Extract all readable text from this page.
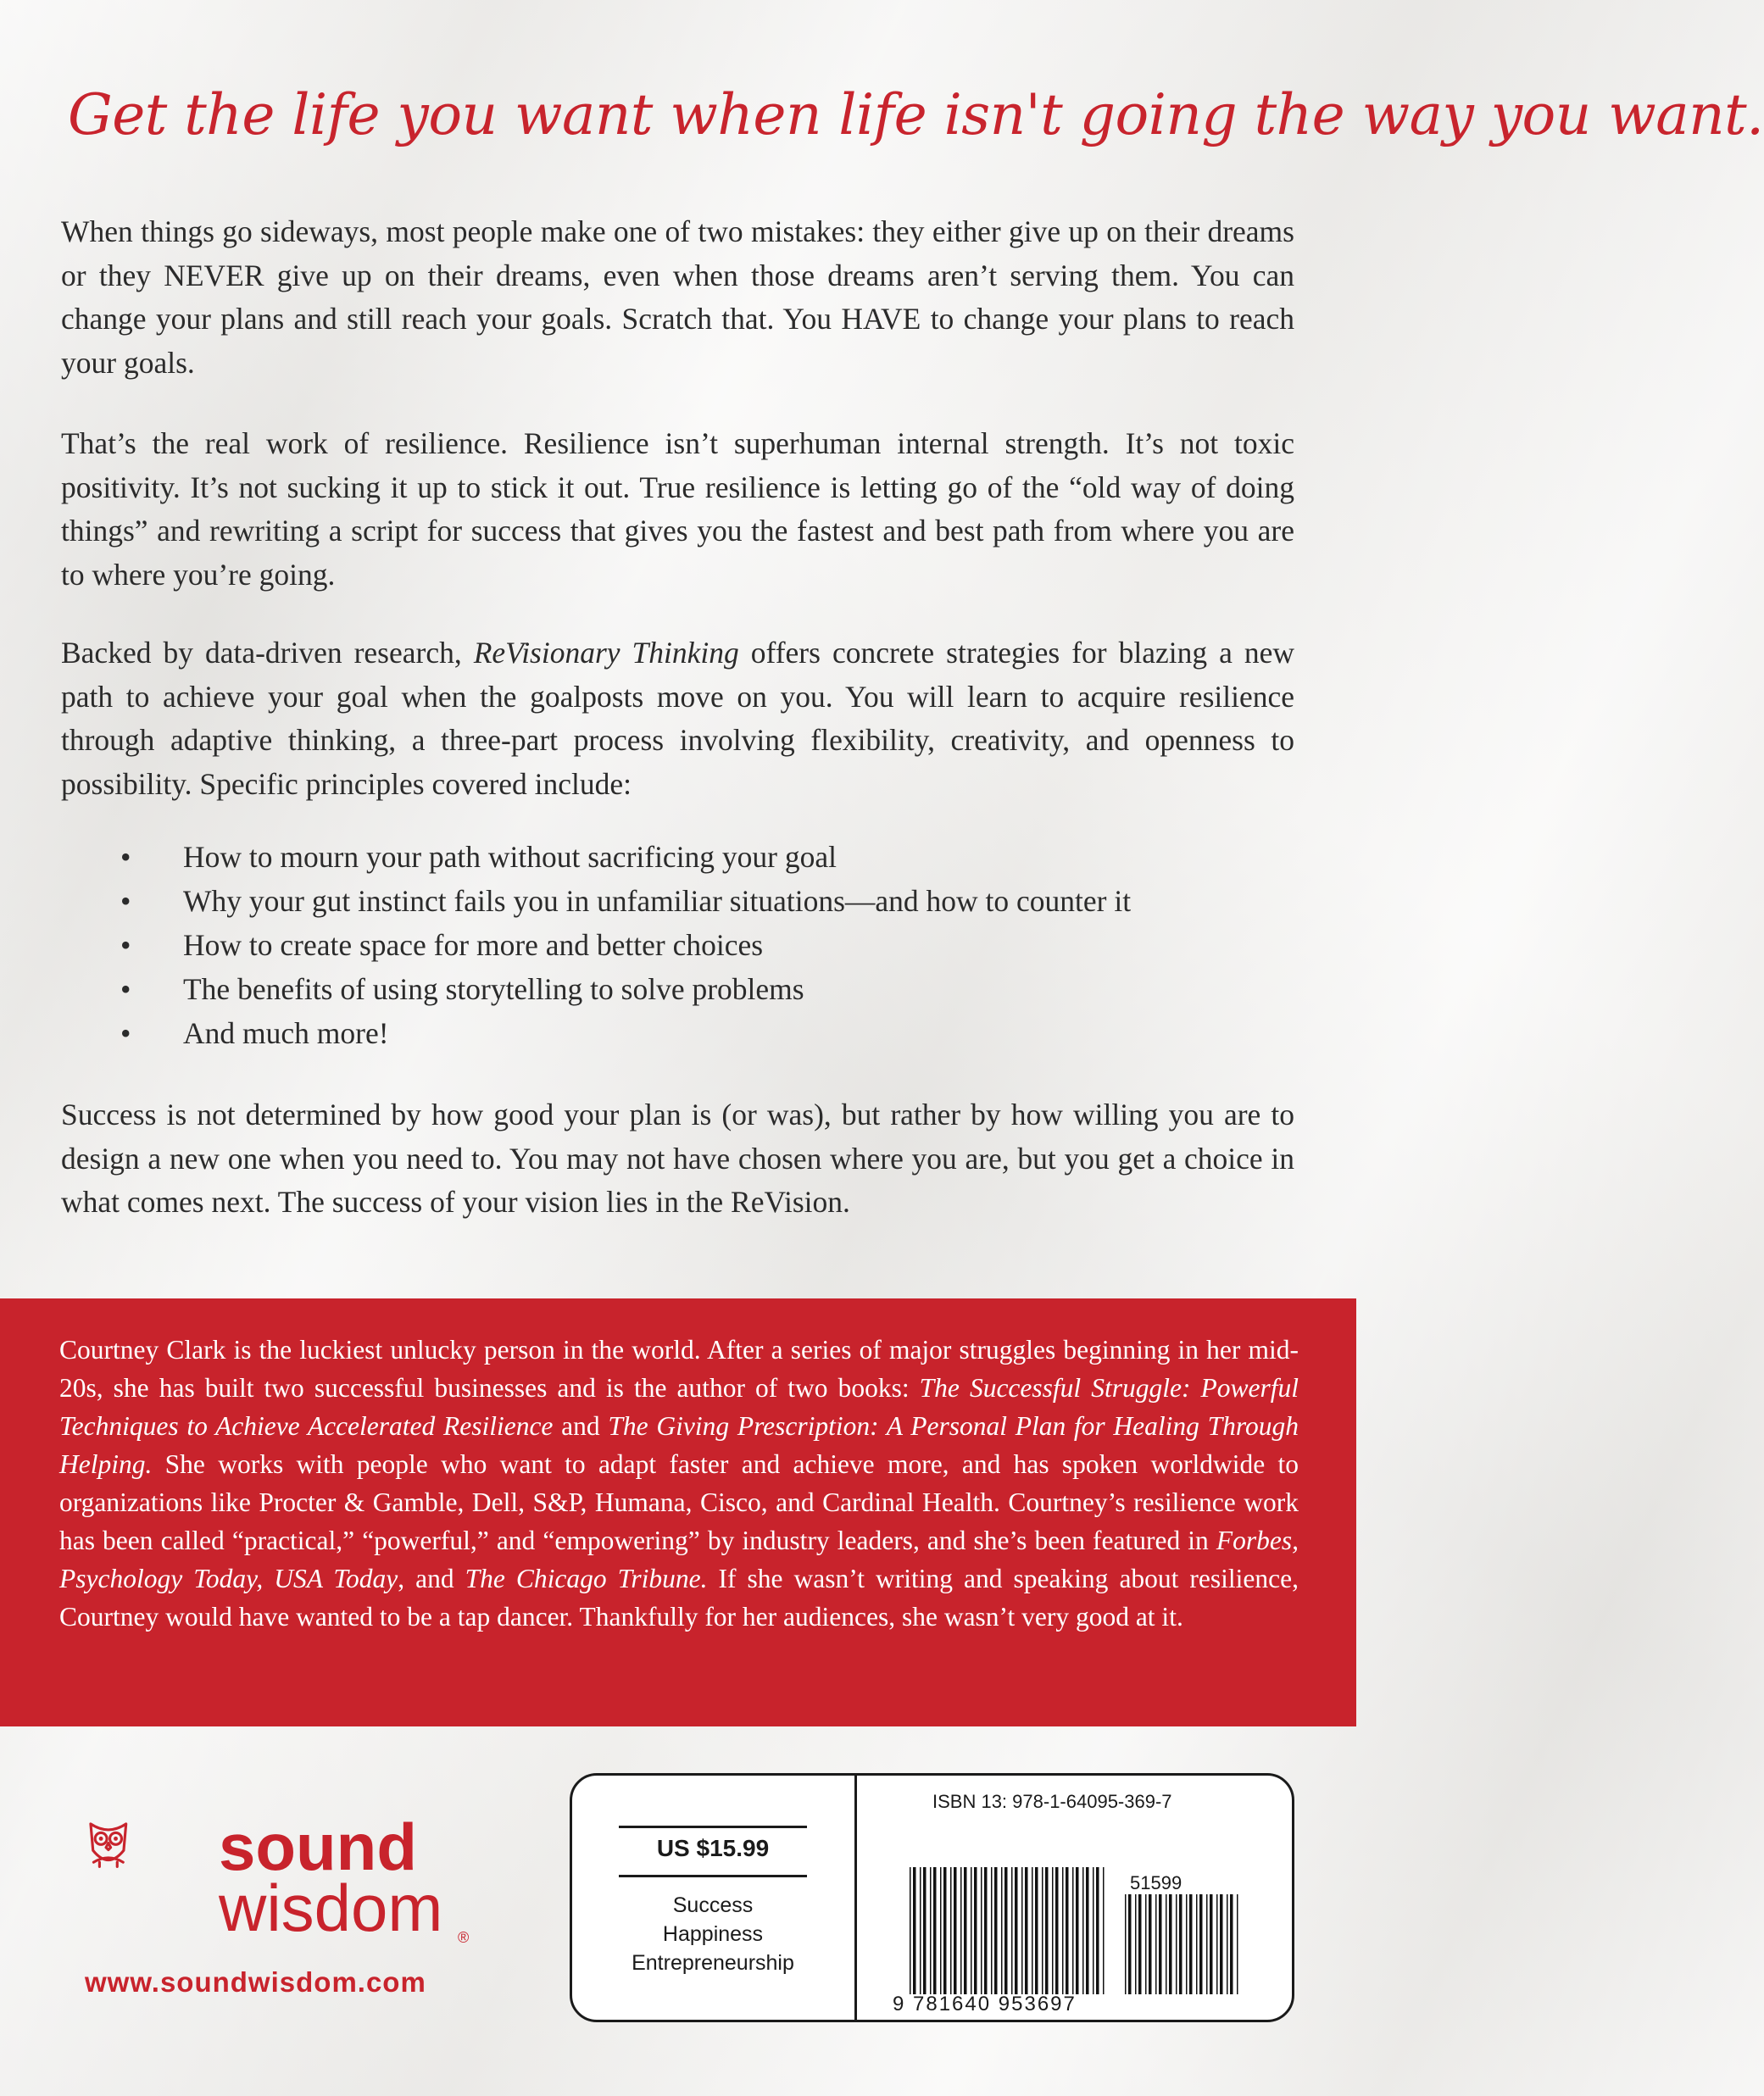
Get the life you want when life isn't going the way you want.

When things go sideways, most people make one of two mistakes: they either give up on their dreams or they NEVER give up on their dreams, even when those dreams aren’t serving them. You can change your plans and still reach your goals. Scratch that. You HAVE to change your plans to reach your goals.

That’s the real work of resilience. Resilience isn’t superhuman internal strength. It’s not toxic positivity. It’s not sucking it up to stick it out. True resilience is letting go of the “old way of doing things” and rewriting a script for success that gives you the fastest and best path from where you are to where you’re going.

Backed by data-driven research, ReVisionary Thinking offers concrete strategies for blazing a new path to achieve your goal when the goalposts move on you. You will learn to acquire resilience through adaptive thinking, a three-part process involving flexibility, creativity, and openness to possibility. Specific principles covered include:

• How to mourn your path without sacrificing your goal
• Why your gut instinct fails you in unfamiliar situations—and how to counter it
• How to create space for more and better choices
• The benefits of using storytelling to solve problems
• And much more!

Success is not determined by how good your plan is (or was), but rather by how willing you are to design a new one when you need to. You may not have chosen where you are, but you get a choice in what comes next. The success of your vision lies in the ReVision.

Courtney Clark is the luckiest unlucky person in the world. After a series of major struggles beginning in her mid-20s, she has built two successful businesses and is the author of two books: The Successful Struggle: Powerful Techniques to Achieve Accelerated Resilience and The Giving Prescription: A Personal Plan for Healing Through Helping. She works with people who want to adapt faster and achieve more, and has spoken worldwide to organizations like Procter & Gamble, Dell, S&P, Humana, Cisco, and Cardinal Health. Courtney’s resilience work has been called “practical,” “powerful,” and “empowering” by industry leaders, and she’s been featured in Forbes, Psychology Today, USA Today, and The Chicago Tribune. If she wasn’t writing and speaking about resilience, Courtney would have wanted to be a tap dancer. Thankfully for her audiences, she wasn’t very good at it.

sound
wisdom ®
www.soundwisdom.com
US $15.99
Success
Happiness
Entrepreneurship
ISBN 13: 978-1-64095-369-7
51599
9 781640 953697
